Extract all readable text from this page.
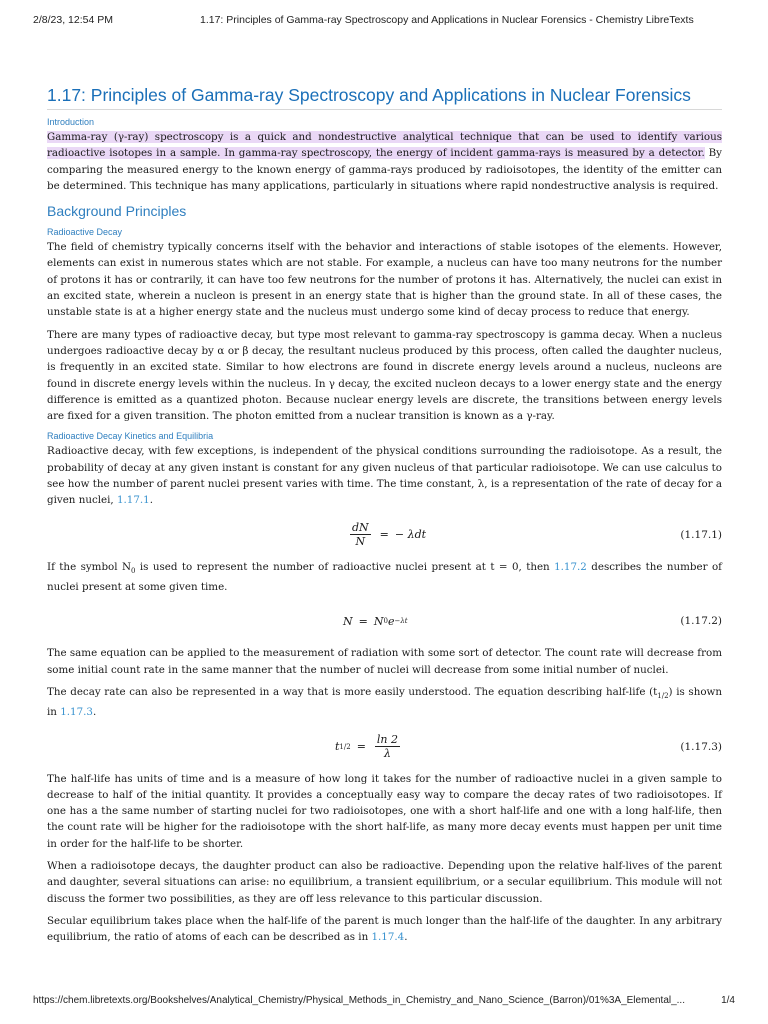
2/8/23, 12:54 PM	1.17: Principles of Gamma-ray Spectroscopy and Applications in Nuclear Forensics - Chemistry LibreTexts
1.17: Principles of Gamma-ray Spectroscopy and Applications in Nuclear Forensics
Introduction

Gamma-ray (γ-ray) spectroscopy is a quick and nondestructive analytical technique that can be used to identify various radioactive isotopes in a sample. In gamma-ray spectroscopy, the energy of incident gamma-rays is measured by a detector. By comparing the measured energy to the known energy of gamma-rays produced by radioisotopes, the identity of the emitter can be determined. This technique has many applications, particularly in situations where rapid nondestructive analysis is required.

Background Principles
Radioactive Decay

The field of chemistry typically concerns itself with the behavior and interactions of stable isotopes of the elements. However, elements can exist in numerous states which are not stable. For example, a nucleus can have too many neutrons for the number of protons it has or contrarily, it can have too few neutrons for the number of protons it has. Alternatively, the nuclei can exist in an excited state, wherein a nucleon is present in an energy state that is higher than the ground state. In all of these cases, the unstable state is at a higher energy state and the nucleus must undergo some kind of decay process to reduce that energy.

There are many types of radioactive decay, but type most relevant to gamma-ray spectroscopy is gamma decay. When a nucleus undergoes radioactive decay by α or β decay, the resultant nucleus produced by this process, often called the daughter nucleus, is frequently in an excited state. Similar to how electrons are found in discrete energy levels around a nucleus, nucleons are found in discrete energy levels within the nucleus. In γ decay, the excited nucleon decays to a lower energy state and the energy difference is emitted as a quantized photon. Because nuclear energy levels are discrete, the transitions between energy levels are fixed for a given transition. The photon emitted from a nuclear transition is known as a γ-ray.

Radioactive Decay Kinetics and Equilibria

Radioactive decay, with few exceptions, is independent of the physical conditions surrounding the radioisotope. As a result, the probability of decay at any given instant is constant for any given nucleus of that particular radioisotope. We can use calculus to see how the number of parent nuclei present varies with time. The time constant, λ, is a representation of the rate of decay for a given nuclei, 1.17.1.

$\frac{dN}{N}$ = − λdt	(1.17.1)

If the symbol $N_0$ is used to represent the number of radioactive nuclei present at t = 0, then 1.17.2 describes the number of nuclei present at some given time.

N = N 0 e −λt	(1.17.2)

The same equation can be applied to the measurement of radiation with some sort of detector. The count rate will decrease from some initial count rate in the same manner that the number of nuclei will decrease from some initial number of nuclei.

The decay rate can also be represented in a way that is more easily understood. The equation describing half-life $(t_{1/2})$ is shown in 1.17.3.

t $1/2 = \frac{\ln 2}{\lambda}$	(1.17.3)

The half-life has units of time and is a measure of how long it takes for the number of radioactive nuclei in a given sample to decrease to half of the initial quantity. It provides a conceptually easy way to compare the decay rates of two radioisotopes. If one has a the same number of starting nuclei for two radioisotopes, one with a short half-life and one with a long half-life, then the count rate will be higher for the radioisotope with the short half-life, as many more decay events must happen per unit time in order for the half-life to be shorter.

When a radioisotope decays, the daughter product can also be radioactive. Depending upon the relative half-lives of the parent and daughter, several situations can arise: no equilibrium, a transient equilibrium, or a secular equilibrium. This module will not discuss the former two possibilities, as they are off less relevance to this particular discussion.

Secular equilibrium takes place when the half-life of the parent is much longer than the half-life of the daughter. In any arbitrary equilibrium, the ratio of atoms of each can be described as in 1.17.4.

https://chem.libretexts.org/Bookshelves/Analytical_Chemistry/Physical_Methods_in_Chemistry_and_Nano_Science_(Barron)/01%3A_Elemental_...	1/4
